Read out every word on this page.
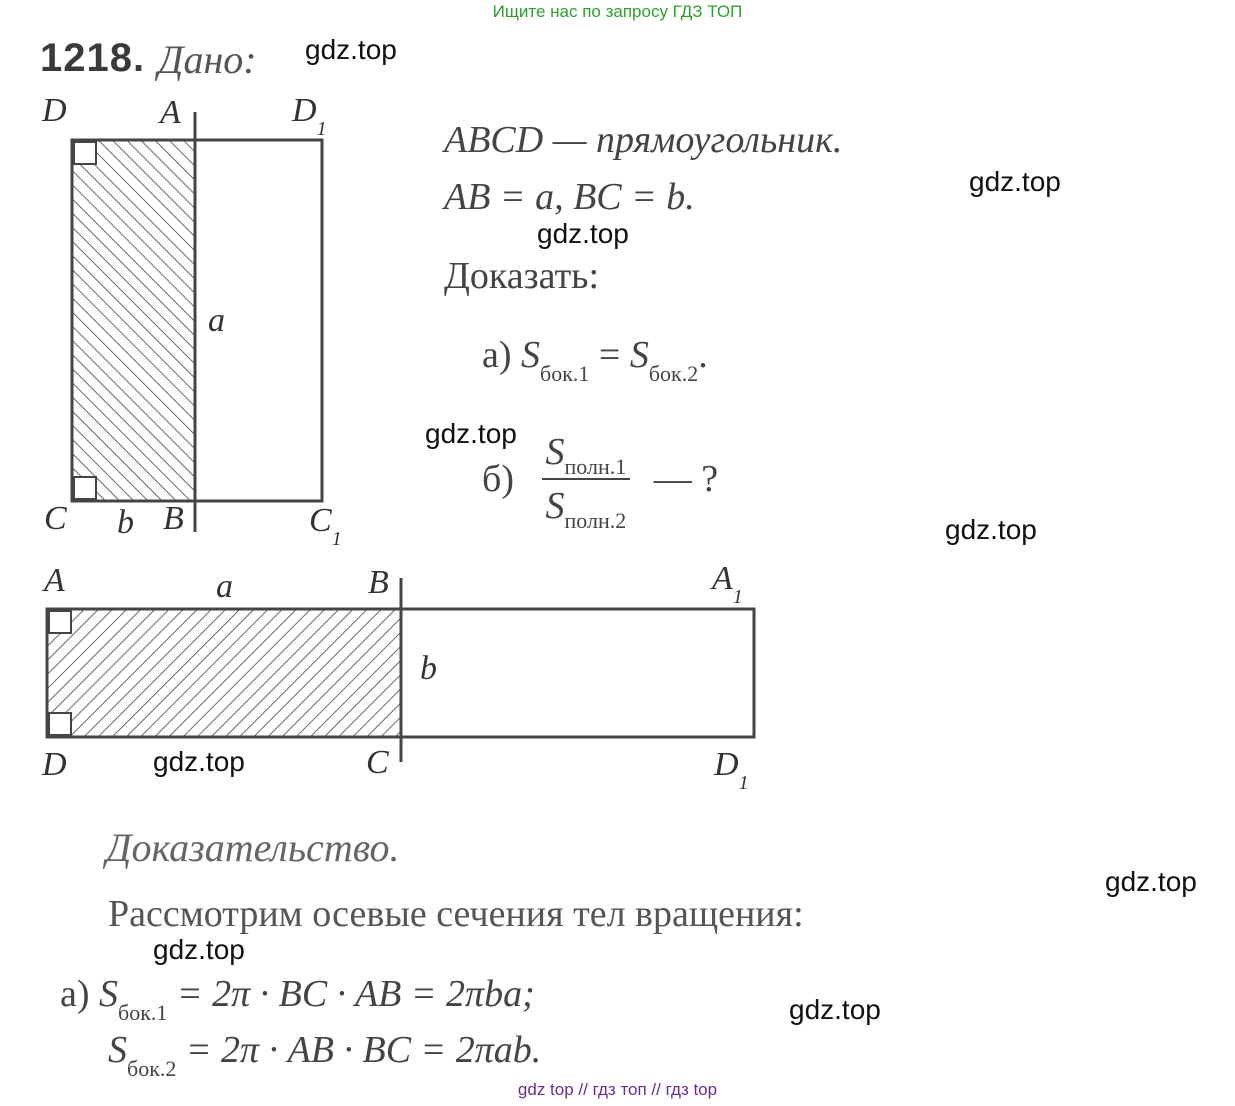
Ищите нас по запросу ГДЗ ТОП
1218. Дано:
D	A	$D_1$
a
C b B	$C_1$
ABCD — прямоугольник.
AB = a, BC = b.
Доказать:
а) $S_{бок.1} = S_{бок.2}$.
$б) \frac{S_{полн.1}}{S_{полн.2}}$ — ?
A	a	B	$A_1$
b
D	C	$D_1$
Доказательство.
Рассмотрим осевые сечения тел вращения:
а) $S_{бок.1} = 2\pi$ · BC · AB = 2πba;
$S_{бок.2} = 2\pi$ · AB · BC = 2πab.
gdz.top
gdz.top
gdz.top
gdz.top
gdz.top
gdz.top
gdz.top
gdz.top
gdz.top
gdz top // гдз топ // гдз top
